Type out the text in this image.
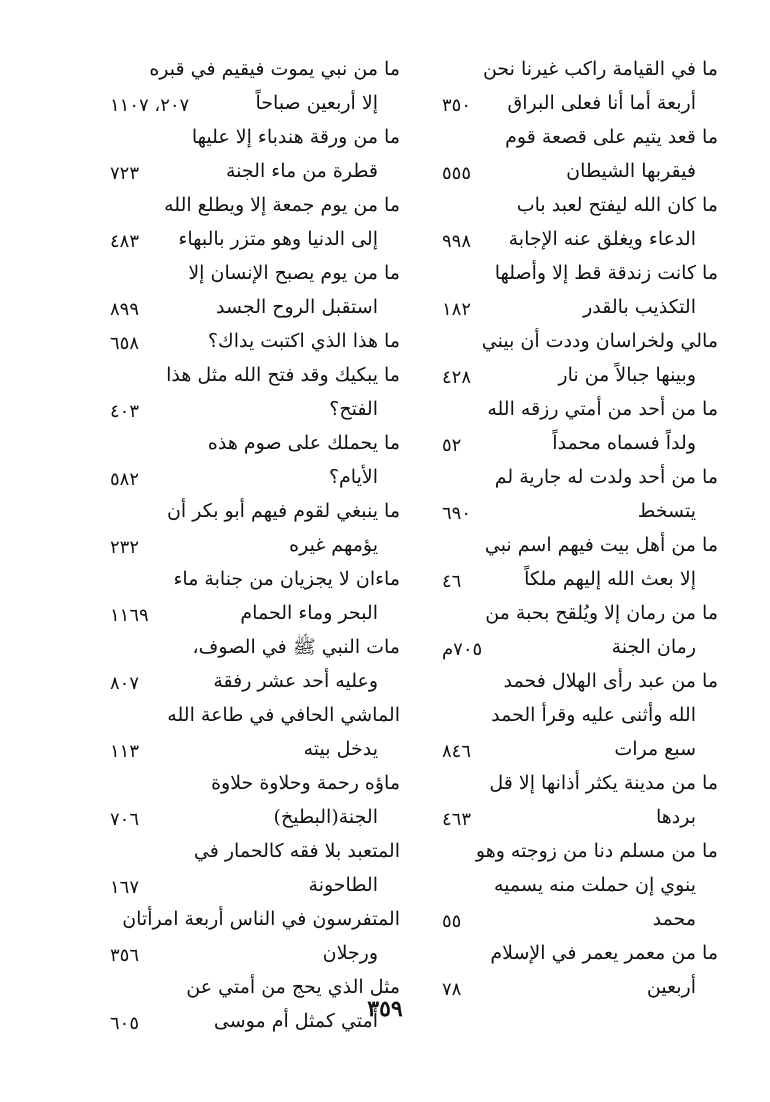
ما في القيامة راكب غيرنا نحن
أربعة أما أنا فعلى البراق
٣٥٠
ما قعد يتيم على قصعة قوم
فيقربها الشيطان
٥٥٥
ما كان الله ليفتح لعبد باب
الدعاء ويغلق عنه الإجابة
٩٩٨
ما كانت زندقة قط إلا وأصلها
التكذيب بالقدر
١٨٢
مالي ولخراسان وددت أن بيني
وبينها جبالاً من نار
٤٢٨
ما من أحد من أمتي رزقه الله
ولداً فسماه محمداً
٥٢
ما من أحد ولدت له جارية لم
يتسخط
٦٩٠
ما من أهل بيت فيهم اسم نبي
إلا بعث الله إليهم ملكاً
٤٦
ما من رمان إلا ويُلقح بحبة من
رمان الجنة
٧٠٥م
ما من عبد رأى الهلال فحمد
الله وأثنى عليه وقرأ الحمد
سبع مرات
٨٤٦
ما من مدينة يكثر أذانها إلا قل
بردها
٤٦٣
ما من مسلم دنا من زوجته وهو
ينوي إن حملت منه يسميه
محمد
٥٥
ما من معمر يعمر في الإسلام
أربعين
٧٨
ما من نبي يموت فيقيم في قبره
إلا أربعين صباحاً
٢٠٧، ١١٠٧
ما من ورقة هندباء إلا عليها
قطرة من ماء الجنة
٧٢٣
ما من يوم جمعة إلا ويطلع الله
إلى الدنيا وهو متزر بالبهاء
٤٨٣
ما من يوم يصبح الإنسان إلا
استقبل الروح الجسد
٨٩٩
ما هذا الذي اكتبت يداك؟
٦٥٨
ما يبكيك وقد فتح الله مثل هذا
الفتح؟
٤٠٣
ما يحملك على صوم هذه
الأيام؟
٥٨٢
ما ينبغي لقوم فيهم أبو بكر أن
يؤمهم غيره
٢٣٢
ماءان لا يجزيان من جنابة ماء
البحر وماء الحمام
١١٦٩
مات النبي ﷺ في الصوف،
وعليه أحد عشر رفقة
٨٠٧
الماشي الحافي في طاعة الله
يدخل بيته
١١٣
ماؤه رحمة وحلاوة حلاوة
الجنة(البطيخ)
٧٠٦
المتعبد بلا فقه كالحمار في
الطاحونة
١٦٧
المتفرسون في الناس أربعة امرأتان
ورجلان
٣٥٦
مثل الذي يحج من أمتي عن
أمتي كمثل أم موسى
٦٠٥
٣٥٩
